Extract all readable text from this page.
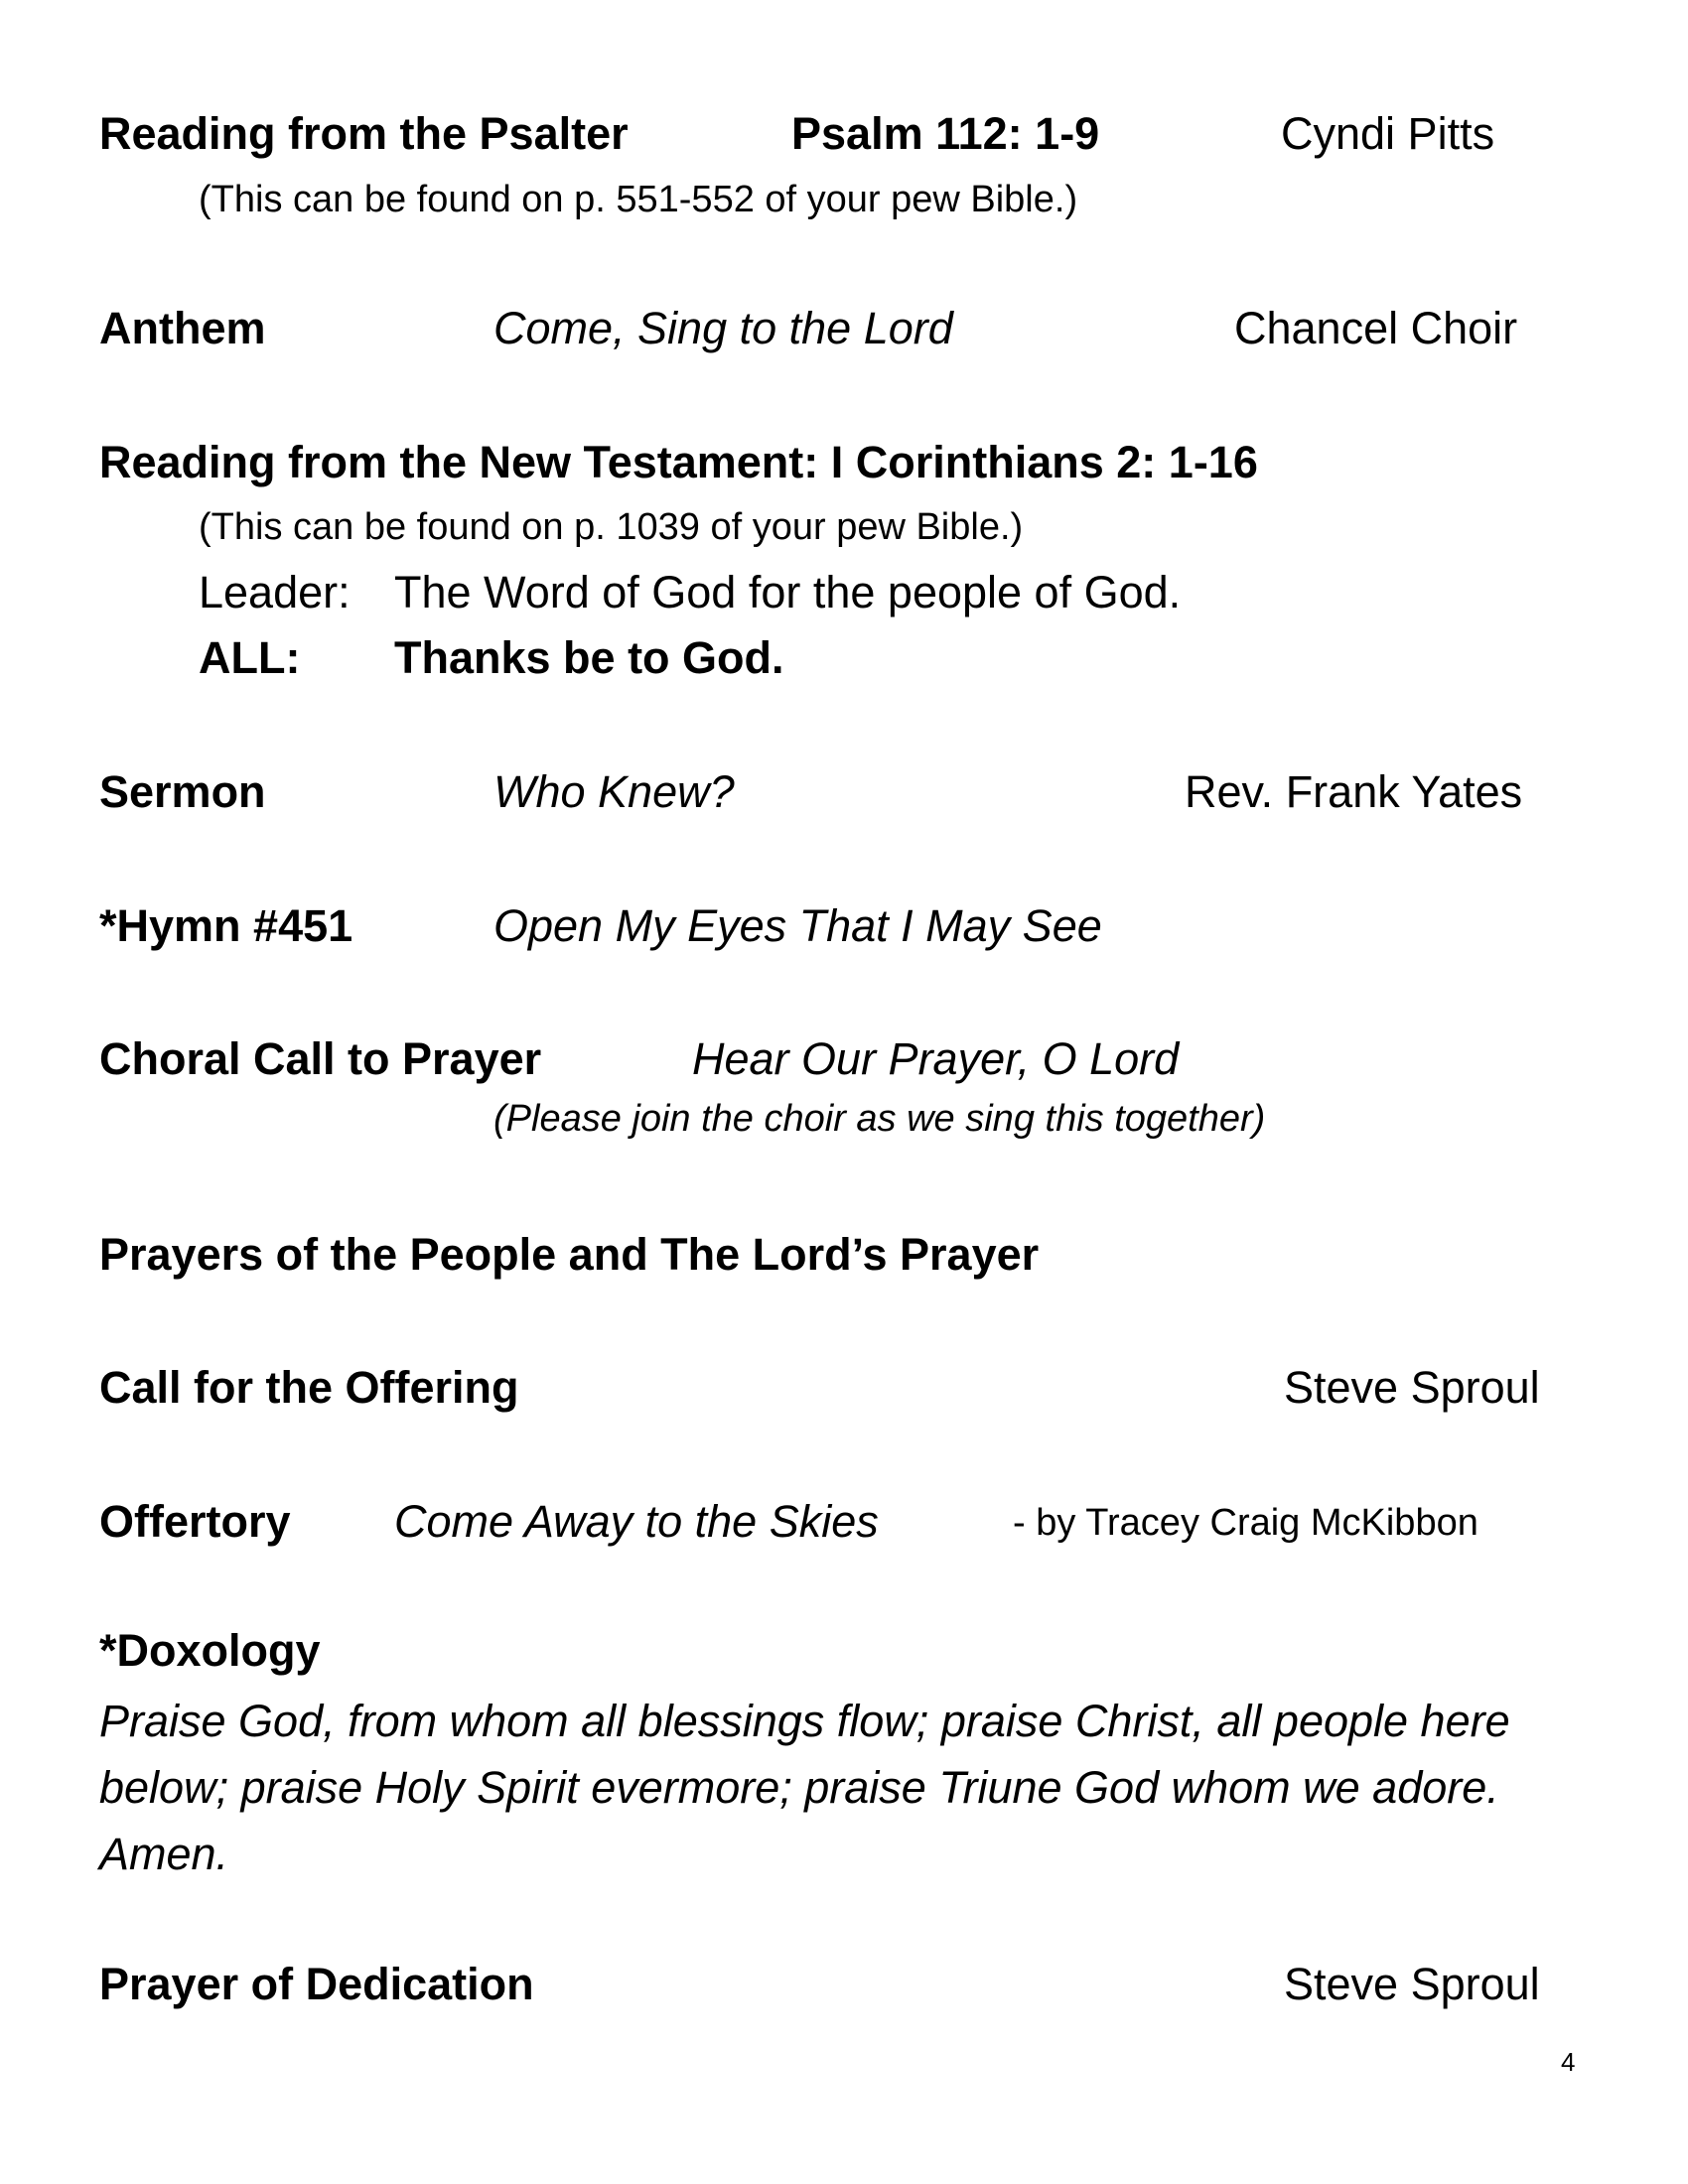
Reading from the Psalter	Psalm 112: 1-9	Cyndi Pitts
(This can be found on p. 551-552 of your pew Bible.)
Anthem	Come, Sing to the Lord	Chancel Choir
Reading from the New Testament: I Corinthians 2: 1-16
(This can be found on p. 1039 of your pew Bible.)
Leader: The Word of God for the people of God.
ALL: Thanks be to God.
Sermon	Who Knew?	Rev. Frank Yates
*Hymn #451	Open My Eyes That I May See
Choral Call to Prayer	Hear Our Prayer, O Lord
(Please join the choir as we sing this together)
Prayers of the People and The Lord’s Prayer
Call for the Offering	Steve Sproul
Offertory Come Away to the Skies	- by Tracey Craig McKibbon
*Doxology
Praise God, from whom all blessings flow; praise Christ, all people here below; praise Holy Spirit evermore; praise Triune God whom we adore. Amen.
Prayer of Dedication	Steve Sproul
4
